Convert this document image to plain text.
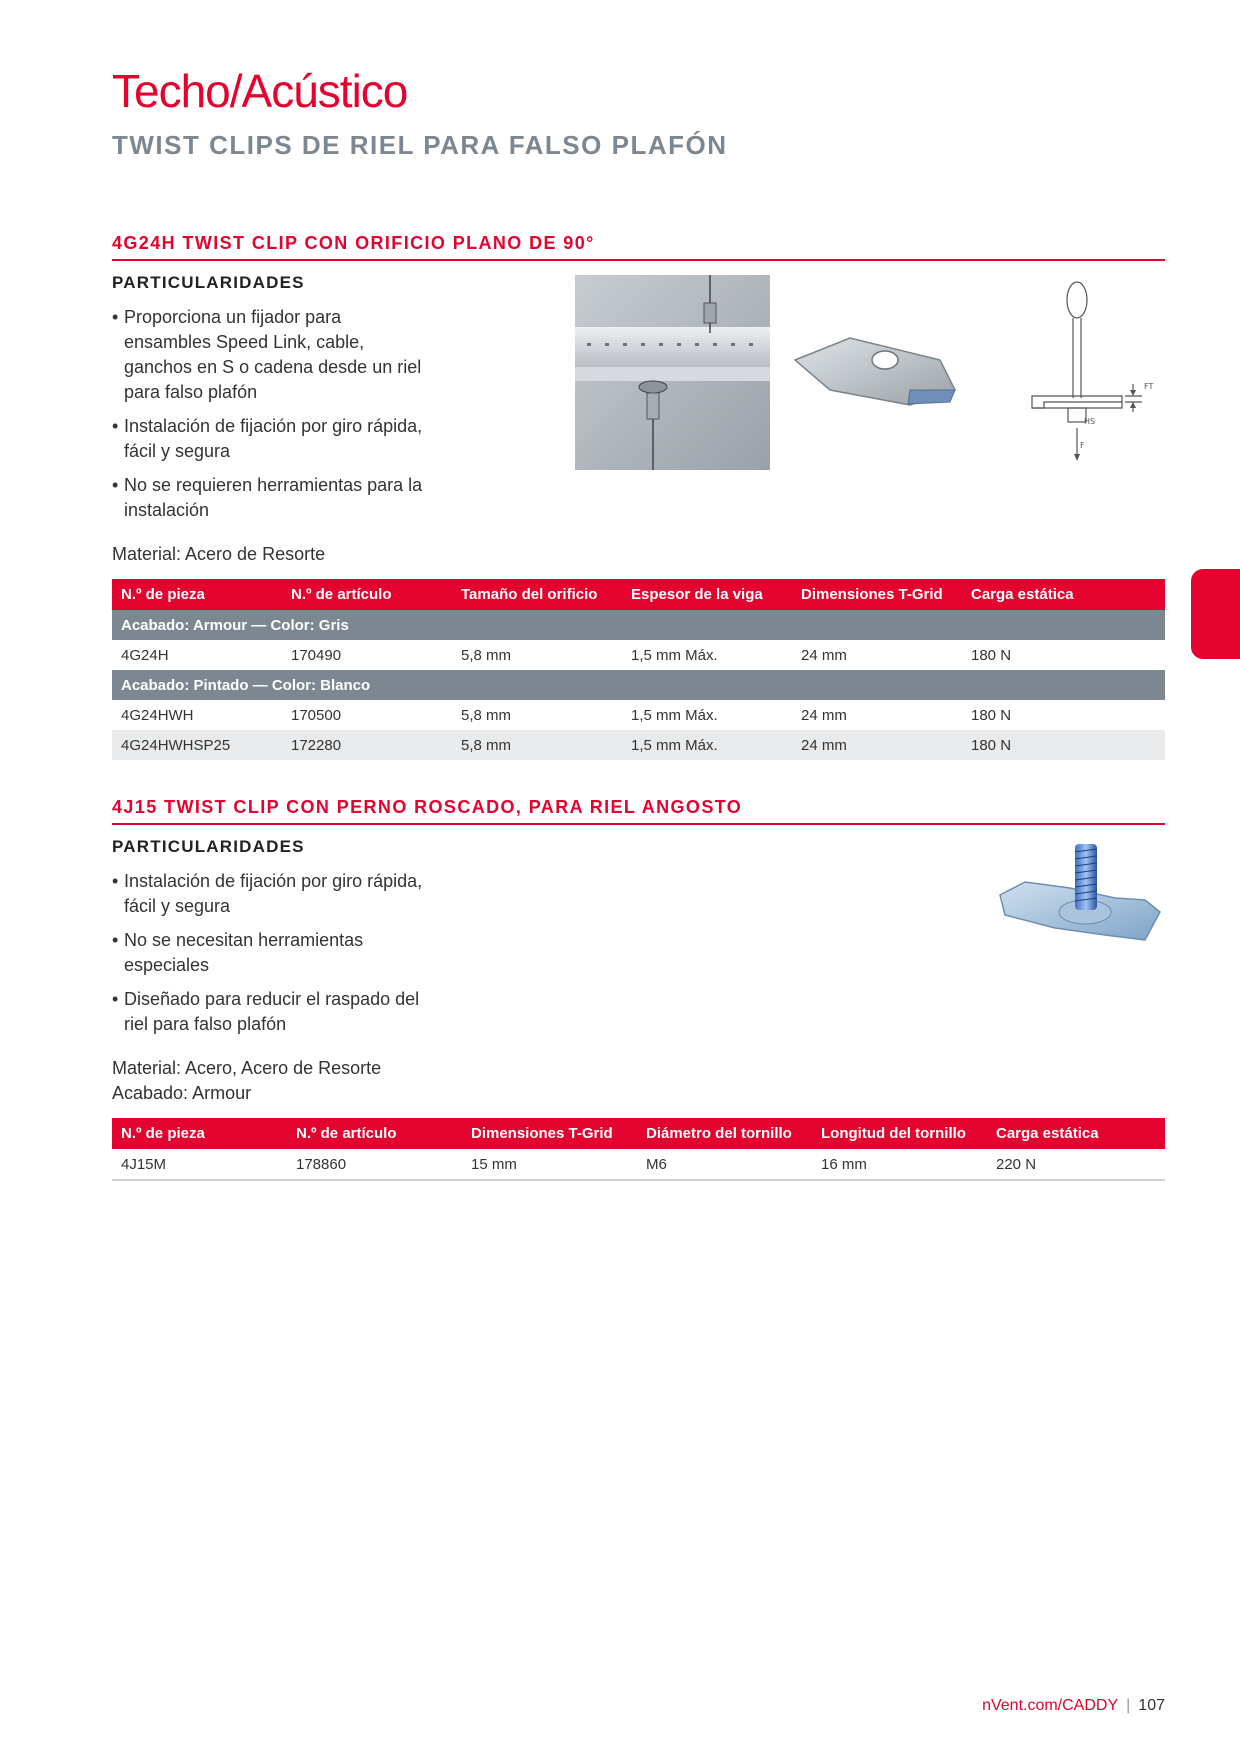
Techo/Acústico
TWIST CLIPS DE RIEL PARA FALSO PLAFÓN
4G24H TWIST CLIP CON ORIFICIO PLANO DE 90°
PARTICULARIDADES
• Proporciona un fijador para ensambles Speed Link, cable, ganchos en S o cadena desde un riel para falso plafón
• Instalación de fijación por giro rápida, fácil y segura
• No se requieren herramientas para la instalación
Material: Acero de Resorte
FT
HS
F
N.º de pieza	N.º de artículo	Tamaño del orificio	Espesor de la viga	Dimensiones T-Grid	Carga estática
Acabado: Armour — Color: Gris					
4G24H	170490	5,8 mm	1,5 mm Máx.	24 mm	180 N
Acabado: Pintado — Color: Blanco					
4G24HWH	170500	5,8 mm	1,5 mm Máx.	24 mm	180 N
4G24HWHSP25	172280	5,8 mm	1,5 mm Máx.	24 mm	180 N
4J15 TWIST CLIP CON PERNO ROSCADO, PARA RIEL ANGOSTO
PARTICULARIDADES
• Instalación de fijación por giro rápida, fácil y segura
• No se necesitan herramientas especiales
• Diseñado para reducir el raspado del riel para falso plafón
Material: Acero, Acero de Resorte
Acabado: Armour
N.º de pieza	N.º de artículo	Dimensiones T-Grid	Diámetro del tornillo	Longitud del tornillo	Carga estática
4J15M	178860	15 mm	M6	16 mm	220 N
nVent.com/CADDY | 107
